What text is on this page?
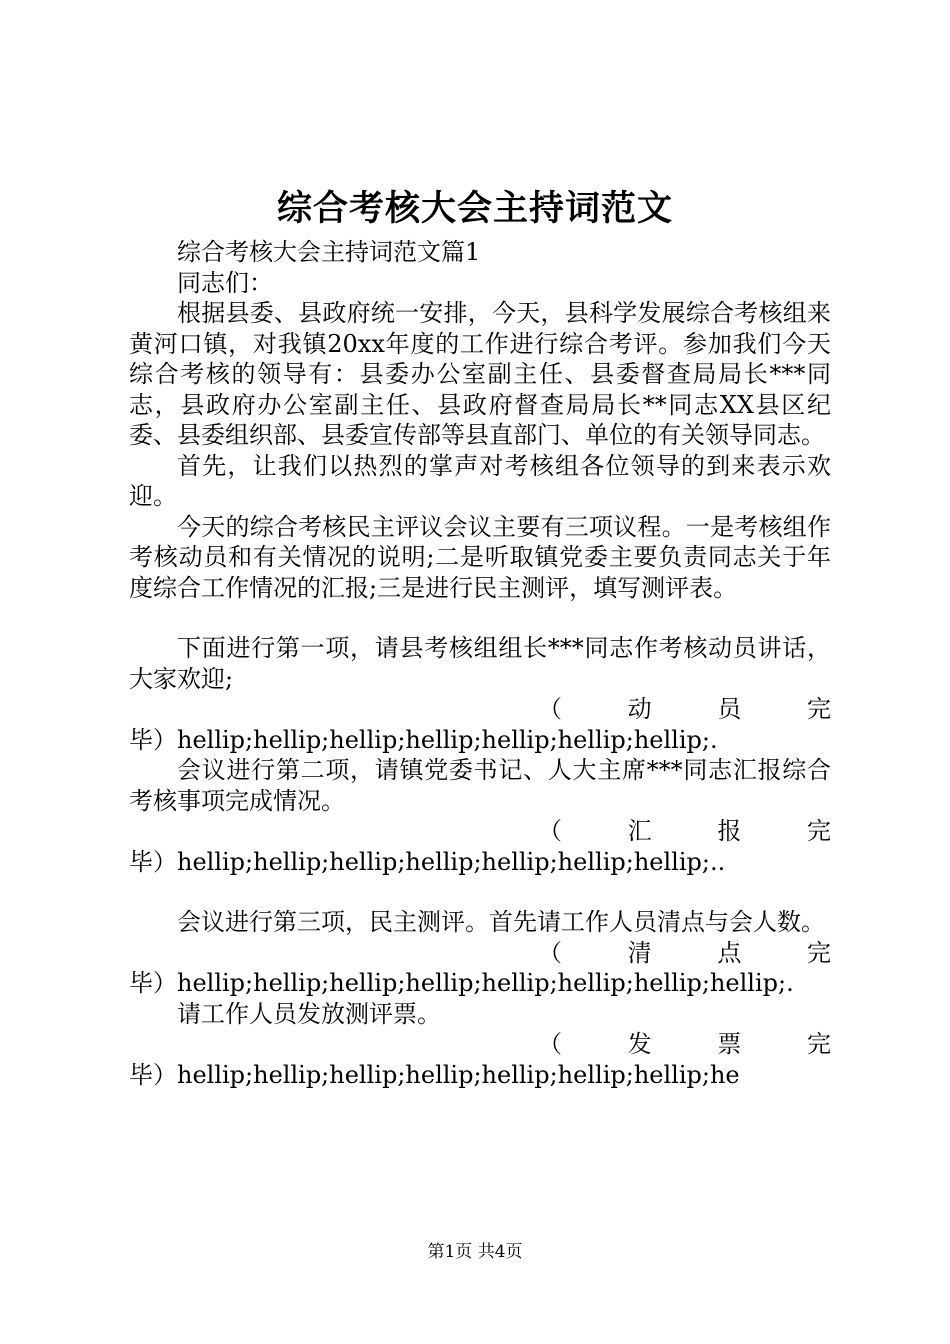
综合考核大会主持词范文

综合考核大会主持词范文篇1

同志们：

根据县委、县政府统一安排，今天，县科学发展综合考核组来黄河口镇，对我镇20xx年度的工作进行综合考评。参加我们今天综合考核的领导有：县委办公室副主任、县委督查局局长***同志，县政府办公室副主任、县政府督查局局长**同志XX县区纪委、县委组织部、县委宣传部等县直部门、单位的有关领导同志。

首先，让我们以热烈的掌声对考核组各位领导的到来表示欢迎。

今天的综合考核民主评议会议主要有三项议程。一是考核组作考核动员和有关情况的说明;二是听取镇党委主要负责同志关于年度综合工作情况的汇报;三是进行民主测评，填写测评表。

下面进行第一项，请县考核组组长***同志作考核动员讲话，大家欢迎;

（	动	员	完

毕）hellip;hellip;hellip;hellip;hellip;hellip;hellip;.

会议进行第二项，请镇党委书记、人大主席***同志汇报综合考核事项完成情况。

（	汇	报	完

毕）hellip;hellip;hellip;hellip;hellip;hellip;hellip;..

会议进行第三项，民主测评。首先请工作人员清点与会人数。

（	清	点	完

毕）hellip;hellip;hellip;hellip;hellip;hellip;hellip;hellip;.

请工作人员发放测评票。

（	发	票	完

毕）hellip;hellip;hellip;hellip;hellip;hellip;hellip;he

第1页 共4页
